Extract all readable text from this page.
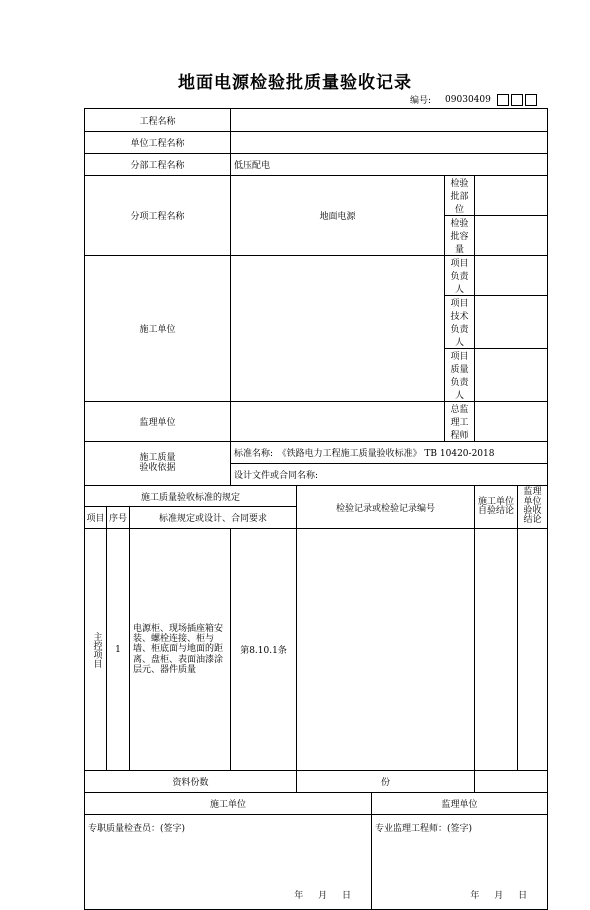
地面电源检验批质量验收记录
编号: 09030409
工程名称								
单位工程名称								
分部工程名称			低压配电					
分项工程名称			地面电源			检验批部位		
						检验批容量		
施工单位						项目负责人		
						项目技术负责人		
						项目质量负责人		
监理单位						总监理工程师		

施工质量验收依据			标准名称:　《铁路电力工程施工质量验收标准》 TB 10420-2018					
			设计文件或合同名称:					
施工质量验收标准的规定				检验记录或检验记录编号			施工单位自验结论	监理单位验收结论

项目	序号	标准规定或设计、合同要求						

主控项目	1	电源柜、现场插座箱安装、螺栓连接、柜与墙、柜底面与地面的距离、盘柜、表面油漆涂层元、器件质量	第8.10.1条					
资料份数				份				
施工单位					监理单位			
专职质量检查员：(签字)
年 月 日					专业监理工程师：(签字)
年 月 日			
